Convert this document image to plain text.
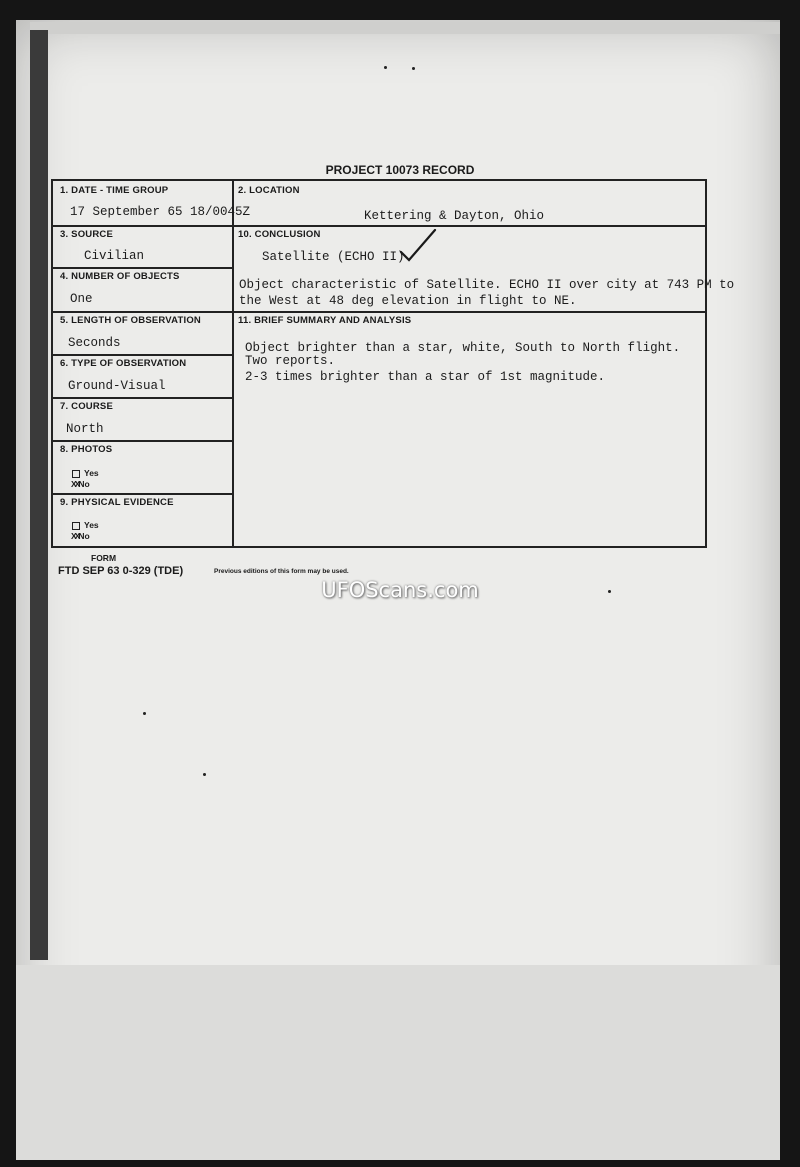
PROJECT 10073 RECORD
1. DATE - TIME GROUP
17 September 65 18/0045Z
3. SOURCE
Civilian
4. NUMBER OF OBJECTS
One
5. LENGTH OF OBSERVATION
Seconds
6. TYPE OF OBSERVATION
Ground-Visual
7. COURSE
North
8. PHOTOS
Yes
XXNo
9. PHYSICAL EVIDENCE
Yes
XXNo
2. LOCATION
Kettering & Dayton, Ohio
10. CONCLUSION
Satellite (ECHO II)
Object characteristic of Satellite. ECHO II over city at 743 PM to
the West at 48 deg elevation in flight to NE.
11. BRIEF SUMMARY AND ANALYSIS
Object brighter than a star, white, South to North flight.
Two reports.
2-3 times brighter than a star of 1st magnitude.
FORM
FTD SEP 63 0-329 (TDE)	Previous editions of this form may be used.
UFOScans.com
